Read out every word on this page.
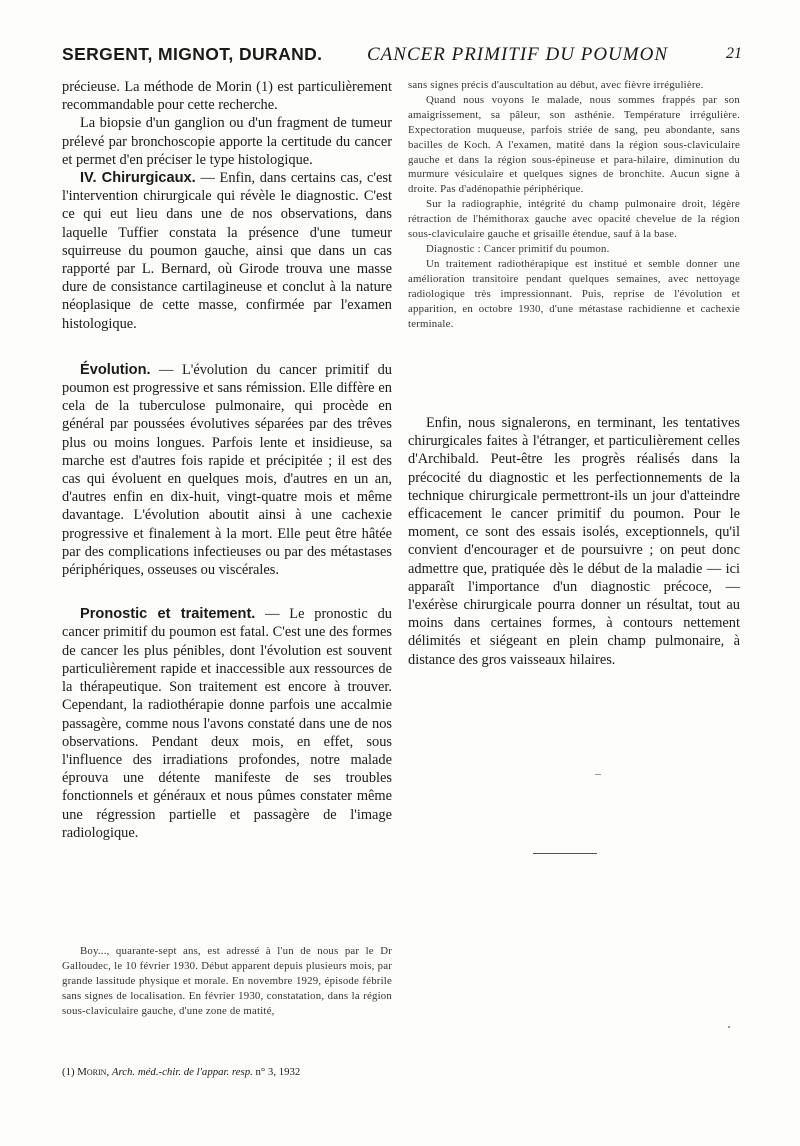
SERGENT, MIGNOT, DURAND. CANCER PRIMITIF DU POUMON	21

précieuse. La méthode de Morin (1) est particulièrement recommandable pour cette recherche.

La biopsie d'un ganglion ou d'un fragment de tumeur prélevé par bronchoscopie apporte la certitude du cancer et permet d'en préciser le type histologique.

IV. Chirurgicaux. — Enfin, dans certains cas, c'est l'intervention chirurgicale qui révèle le diagnostic. C'est ce qui eut lieu dans une de nos observations, dans laquelle Tuffier constata la présence d'une tumeur squirreuse du poumon gauche, ainsi que dans un cas rapporté par L. Bernard, où Girode trouva une masse dure de consistance cartilagineuse et conclut à la nature néoplasique de cette masse, confirmée par l'examen histologique.

Évolution. — L'évolution du cancer primitif du poumon est progressive et sans rémission. Elle diffère en cela de la tuberculose pulmonaire, qui procède en général par poussées évolutives séparées par des trêves plus ou moins longues. Parfois lente et insidieuse, sa marche est d'autres fois rapide et précipitée ; il est des cas qui évoluent en quelques mois, d'autres en un an, d'autres enfin en dix-huit, vingt-quatre mois et même davantage. L'évolution aboutit ainsi à une cachexie progressive et finalement à la mort. Elle peut être hâtée par des complications infectieuses ou par des métastases périphériques, osseuses ou viscérales.

Pronostic et traitement. — Le pronostic du cancer primitif du poumon est fatal. C'est une des formes de cancer les plus pénibles, dont l'évolution est souvent particulièrement rapide et inaccessible aux ressources de la thérapeutique. Son traitement est encore à trouver. Cependant, la radiothérapie donne parfois une accalmie passagère, comme nous l'avons constaté dans une de nos observations. Pendant deux mois, en effet, sous l'influence des irradiations profondes, notre malade éprouva une détente manifeste de ses troubles fonctionnels et généraux et nous pûmes constater même une régression partielle et passagère de l'image radiologique.

Boy..., quarante-sept ans, est adressé à l'un de nous par le Dr Galloudec, le 10 février 1930. Début apparent depuis plusieurs mois, par grande lassitude physique et morale. En novembre 1929, épisode fébrile sans signes de localisation. En février 1930, constatation, dans la région sous-claviculaire gauche, d'une zone de matité,

(1) Morin, Arch. méd.-chir. de l'appar. resp. n° 3, 1932

sans signes précis d'auscultation au début, avec fièvre irrégulière.

Quand nous voyons le malade, nous sommes frappés par son amaigrissement, sa pâleur, son asthénie. Température irrégulière. Expectoration muqueuse, parfois striée de sang, peu abondante, sans bacilles de Koch. A l'examen, matité dans la région sous-claviculaire gauche et dans la région sous-épineuse et para-hilaire, diminution du murmure vésiculaire et quelques signes de bronchite. Aucun signe à droite. Pas d'adénopathie périphérique.

Sur la radiographie, intégrité du champ pulmonaire droit, légère rétraction de l'hémithorax gauche avec opacité chevelue de la région sous-claviculaire gauche et grisaille étendue, sauf à la base.

Diagnostic : Cancer primitif du poumon.

Un traitement radiothérapique est institué et semble donner une amélioration transitoire pendant quelques semaines, avec nettoyage radiologique très impressionnant. Puis, reprise de l'évolution et apparition, en octobre 1930, d'une métastase rachidienne et cachexie terminale.

Enfin, nous signalerons, en terminant, les tentatives chirurgicales faites à l'étranger, et particulièrement celles d'Archibald. Peut-être les progrès réalisés dans la précocité du diagnostic et les perfectionnements de la technique chirurgicale permettront-ils un jour d'atteindre efficacement le cancer primitif du poumon. Pour le moment, ce sont des essais isolés, exceptionnels, qu'il convient d'encourager et de poursuivre ; on peut donc admettre que, pratiquée dès le début de la maladie — ici apparaît l'importance d'un diagnostic précoce, — l'exérèse chirurgicale pourra donner un résultat, tout au moins dans certaines formes, à contours nettement délimités et siégeant en plein champ pulmonaire, à distance des gros vaisseaux hilaires.
